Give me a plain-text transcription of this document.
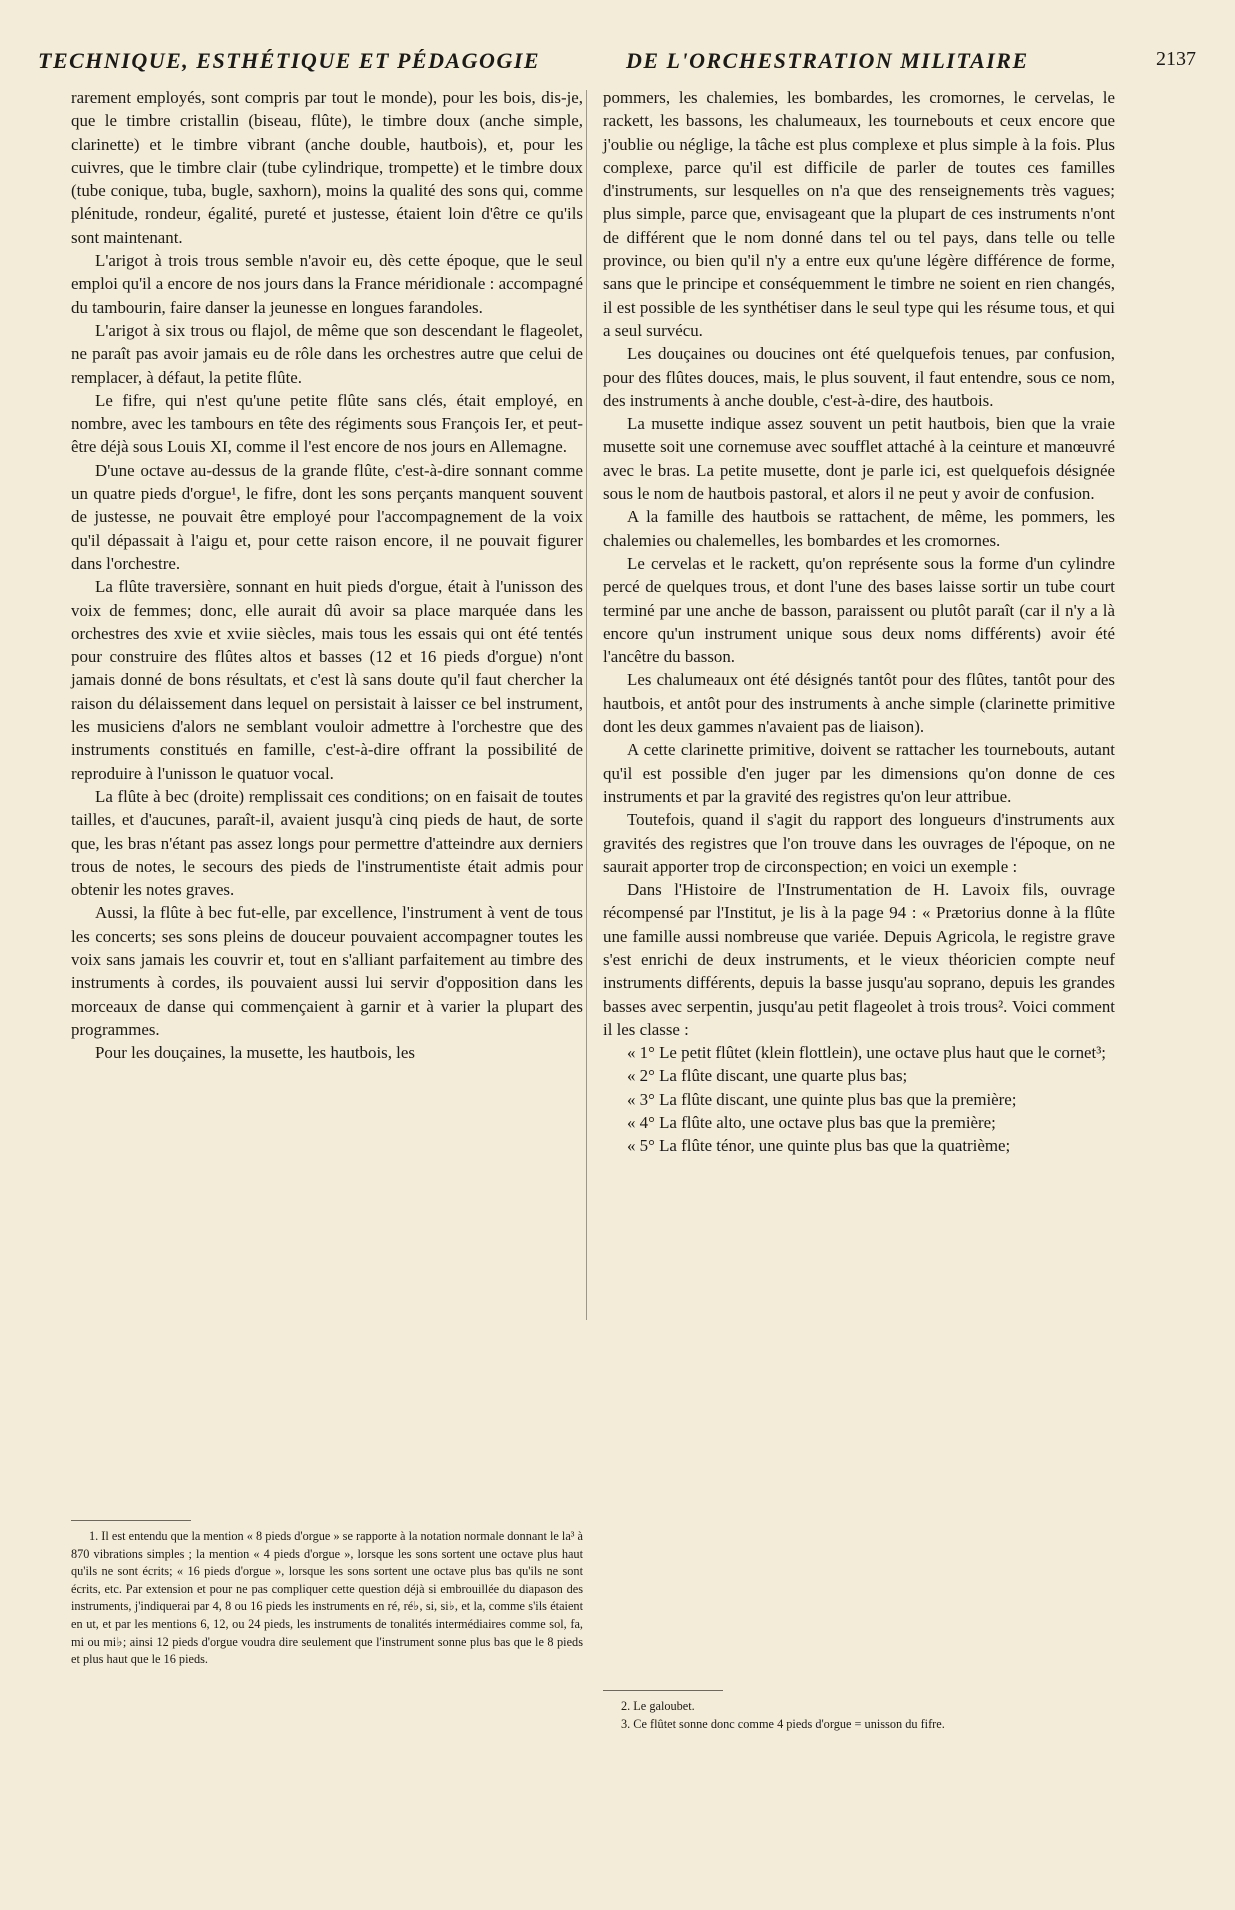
TECHNIQUE, ESTHÉTIQUE ET PÉDAGOGIE	DE L'ORCHESTRATION MILITAIRE	2137

rarement employés, sont compris par tout le monde), pour les bois, dis-je, que le timbre cristallin (biseau, flûte), le timbre doux (anche simple, clarinette) et le timbre vibrant (anche double, hautbois), et, pour les cuivres, que le timbre clair (tube cylindrique, trompette) et le timbre doux (tube conique, tuba, bugle, saxhorn), moins la qualité des sons qui, comme plénitude, rondeur, égalité, pureté et justesse, étaient loin d'être ce qu'ils sont maintenant.

L'arigot à trois trous semble n'avoir eu, dès cette époque, que le seul emploi qu'il a encore de nos jours dans la France méridionale : accompagné du tambourin, faire danser la jeunesse en longues farandoles.

L'arigot à six trous ou flajol, de même que son descendant le flageolet, ne paraît pas avoir jamais eu de rôle dans les orchestres autre que celui de remplacer, à défaut, la petite flûte.

Le fifre, qui n'est qu'une petite flûte sans clés, était employé, en nombre, avec les tambours en tête des régiments sous François Ier, et peut-être déjà sous Louis XI, comme il l'est encore de nos jours en Allemagne.

D'une octave au-dessus de la grande flûte, c'est-à-dire sonnant comme un quatre pieds d'orgue¹, le fifre, dont les sons perçants manquent souvent de justesse, ne pouvait être employé pour l'accompagnement de la voix qu'il dépassait à l'aigu et, pour cette raison encore, il ne pouvait figurer dans l'orchestre.

La flûte traversière, sonnant en huit pieds d'orgue, était à l'unisson des voix de femmes; donc, elle aurait dû avoir sa place marquée dans les orchestres des xvie et xviie siècles, mais tous les essais qui ont été tentés pour construire des flûtes altos et basses (12 et 16 pieds d'orgue) n'ont jamais donné de bons résultats, et c'est là sans doute qu'il faut chercher la raison du délaissement dans lequel on persistait à laisser ce bel instrument, les musiciens d'alors ne semblant vouloir admettre à l'orchestre que des instruments constitués en famille, c'est-à-dire offrant la possibilité de reproduire à l'unisson le quatuor vocal.

La flûte à bec (droite) remplissait ces conditions; on en faisait de toutes tailles, et d'aucunes, paraît-il, avaient jusqu'à cinq pieds de haut, de sorte que, les bras n'étant pas assez longs pour permettre d'atteindre aux derniers trous de notes, le secours des pieds de l'instrumentiste était admis pour obtenir les notes graves.

Aussi, la flûte à bec fut-elle, par excellence, l'instrument à vent de tous les concerts; ses sons pleins de douceur pouvaient accompagner toutes les voix sans jamais les couvrir et, tout en s'alliant parfaitement au timbre des instruments à cordes, ils pouvaient aussi lui servir d'opposition dans les morceaux de danse qui commençaient à garnir et à varier la plupart des programmes.

Pour les douçaines, la musette, les hautbois, les

pommers, les chalemies, les bombardes, les cromornes, le cervelas, le rackett, les bassons, les chalumeaux, les tournebouts et ceux encore que j'oublie ou néglige, la tâche est plus complexe et plus simple à la fois. Plus complexe, parce qu'il est difficile de parler de toutes ces familles d'instruments, sur lesquelles on n'a que des renseignements très vagues; plus simple, parce que, envisageant que la plupart de ces instruments n'ont de différent que le nom donné dans tel ou tel pays, dans telle ou telle province, ou bien qu'il n'y a entre eux qu'une légère différence de forme, sans que le principe et conséquemment le timbre ne soient en rien changés, il est possible de les synthétiser dans le seul type qui les résume tous, et qui a seul survécu.

Les douçaines ou doucines ont été quelquefois tenues, par confusion, pour des flûtes douces, mais, le plus souvent, il faut entendre, sous ce nom, des instruments à anche double, c'est-à-dire, des hautbois.

La musette indique assez souvent un petit hautbois, bien que la vraie musette soit une cornemuse avec soufflet attaché à la ceinture et manœuvré avec le bras. La petite musette, dont je parle ici, est quelquefois désignée sous le nom de hautbois pastoral, et alors il ne peut y avoir de confusion.

A la famille des hautbois se rattachent, de même, les pommers, les chalemies ou chalemelles, les bombardes et les cromornes.

Le cervelas et le rackett, qu'on représente sous la forme d'un cylindre percé de quelques trous, et dont l'une des bases laisse sortir un tube court terminé par une anche de basson, paraissent ou plutôt paraît (car il n'y a là encore qu'un instrument unique sous deux noms différents) avoir été l'ancêtre du basson.

Les chalumeaux ont été désignés tantôt pour des flûtes, tantôt pour des hautbois, et antôt pour des instruments à anche simple (clarinette primitive dont les deux gammes n'avaient pas de liaison).

A cette clarinette primitive, doivent se rattacher les tournebouts, autant qu'il est possible d'en juger par les dimensions qu'on donne de ces instruments et par la gravité des registres qu'on leur attribue.

Toutefois, quand il s'agit du rapport des longueurs d'instruments aux gravités des registres que l'on trouve dans les ouvrages de l'époque, on ne saurait apporter trop de circonspection; en voici un exemple :

Dans l'Histoire de l'Instrumentation de H. Lavoix fils, ouvrage récompensé par l'Institut, je lis à la page 94 : « Prætorius donne à la flûte une famille aussi nombreuse que variée. Depuis Agricola, le registre grave s'est enrichi de deux instruments, et le vieux théoricien compte neuf instruments différents, depuis la basse jusqu'au soprano, depuis les grandes basses avec serpentin, jusqu'au petit flageolet à trois trous². Voici comment il les classe :

« 1° Le petit flûtet (klein flottlein), une octave plus haut que le cornet³;

« 2° La flûte discant, une quarte plus bas;

« 3° La flûte discant, une quinte plus bas que la première;

« 4° La flûte alto, une octave plus bas que la première;

« 5° La flûte ténor, une quinte plus bas que la quatrième;

1. Il est entendu que la mention « 8 pieds d'orgue » se rapporte à la notation normale donnant le la³ à 870 vibrations simples ; la mention « 4 pieds d'orgue », lorsque les sons sortent une octave plus haut qu'ils ne sont écrits; « 16 pieds d'orgue », lorsque les sons sortent une octave plus bas qu'ils ne sont écrits, etc. Par extension et pour ne pas compliquer cette question déjà si embrouillée du diapason des instruments, j'indiquerai par 4, 8 ou 16 pieds les instruments en ré, ré♭, si, si♭, et la, comme s'ils étaient en ut, et par les mentions 6, 12, ou 24 pieds, les instruments de tonalités intermédiaires comme sol, fa, mi ou mi♭; ainsi 12 pieds d'orgue voudra dire seulement que l'instrument sonne plus bas que le 8 pieds et plus haut que le 16 pieds.

2. Le galoubet.

3. Ce flûtet sonne donc comme 4 pieds d'orgue = unisson du fifre.
